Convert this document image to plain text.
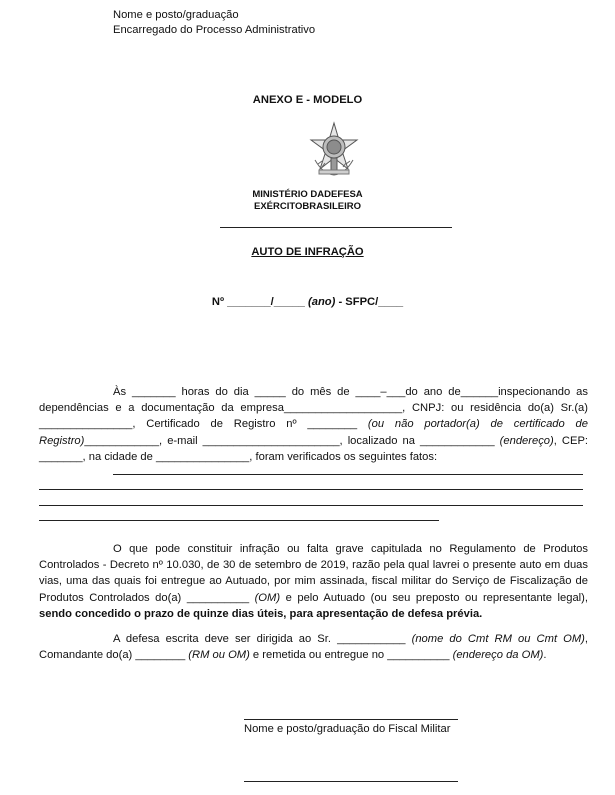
Nome e posto/graduação
Encarregado do Processo Administrativo
ANEXO E - MODELO
MINISTÉRIO DADEFESA
EXÉRCITOBRASILEIRO
AUTO DE INFRAÇÃO
Nº _______/_____ (ano) - SFPC/____

Às _______ horas do dia _____ do mês de ____–___do ano de______inspecionando as dependências e a documentação da empresa___________________, CNPJ: ou residência do(a) Sr.(a) _______________, Certificado de Registro nº ________ (ou não portador(a) de certificado de Registro)____________, e-mail ______________________, localizado na ____________ (endereço), CEP: _______, na cidade de _______________, foram verificados os seguintes fatos:

O que pode constituir infração ou falta grave capitulada no Regulamento de Produtos Controlados - Decreto nº 10.030, de 30 de setembro de 2019, razão pela qual lavrei o presente auto em duas vias, uma das quais foi entregue ao Autuado, por mim assinada, fiscal militar do Serviço de Fiscalização de Produtos Controlados do(a) __________ (OM) e pelo Autuado (ou seu preposto ou representante legal), sendo concedido o prazo de quinze dias úteis, para apresentação de defesa prévia.

A defesa escrita deve ser dirigida ao Sr. ___________ (nome do Cmt RM ou Cmt OM), Comandante do(a) ________ (RM ou OM) e remetida ou entregue no __________ (endereço da OM).

Nome e posto/graduação do Fiscal Militar
